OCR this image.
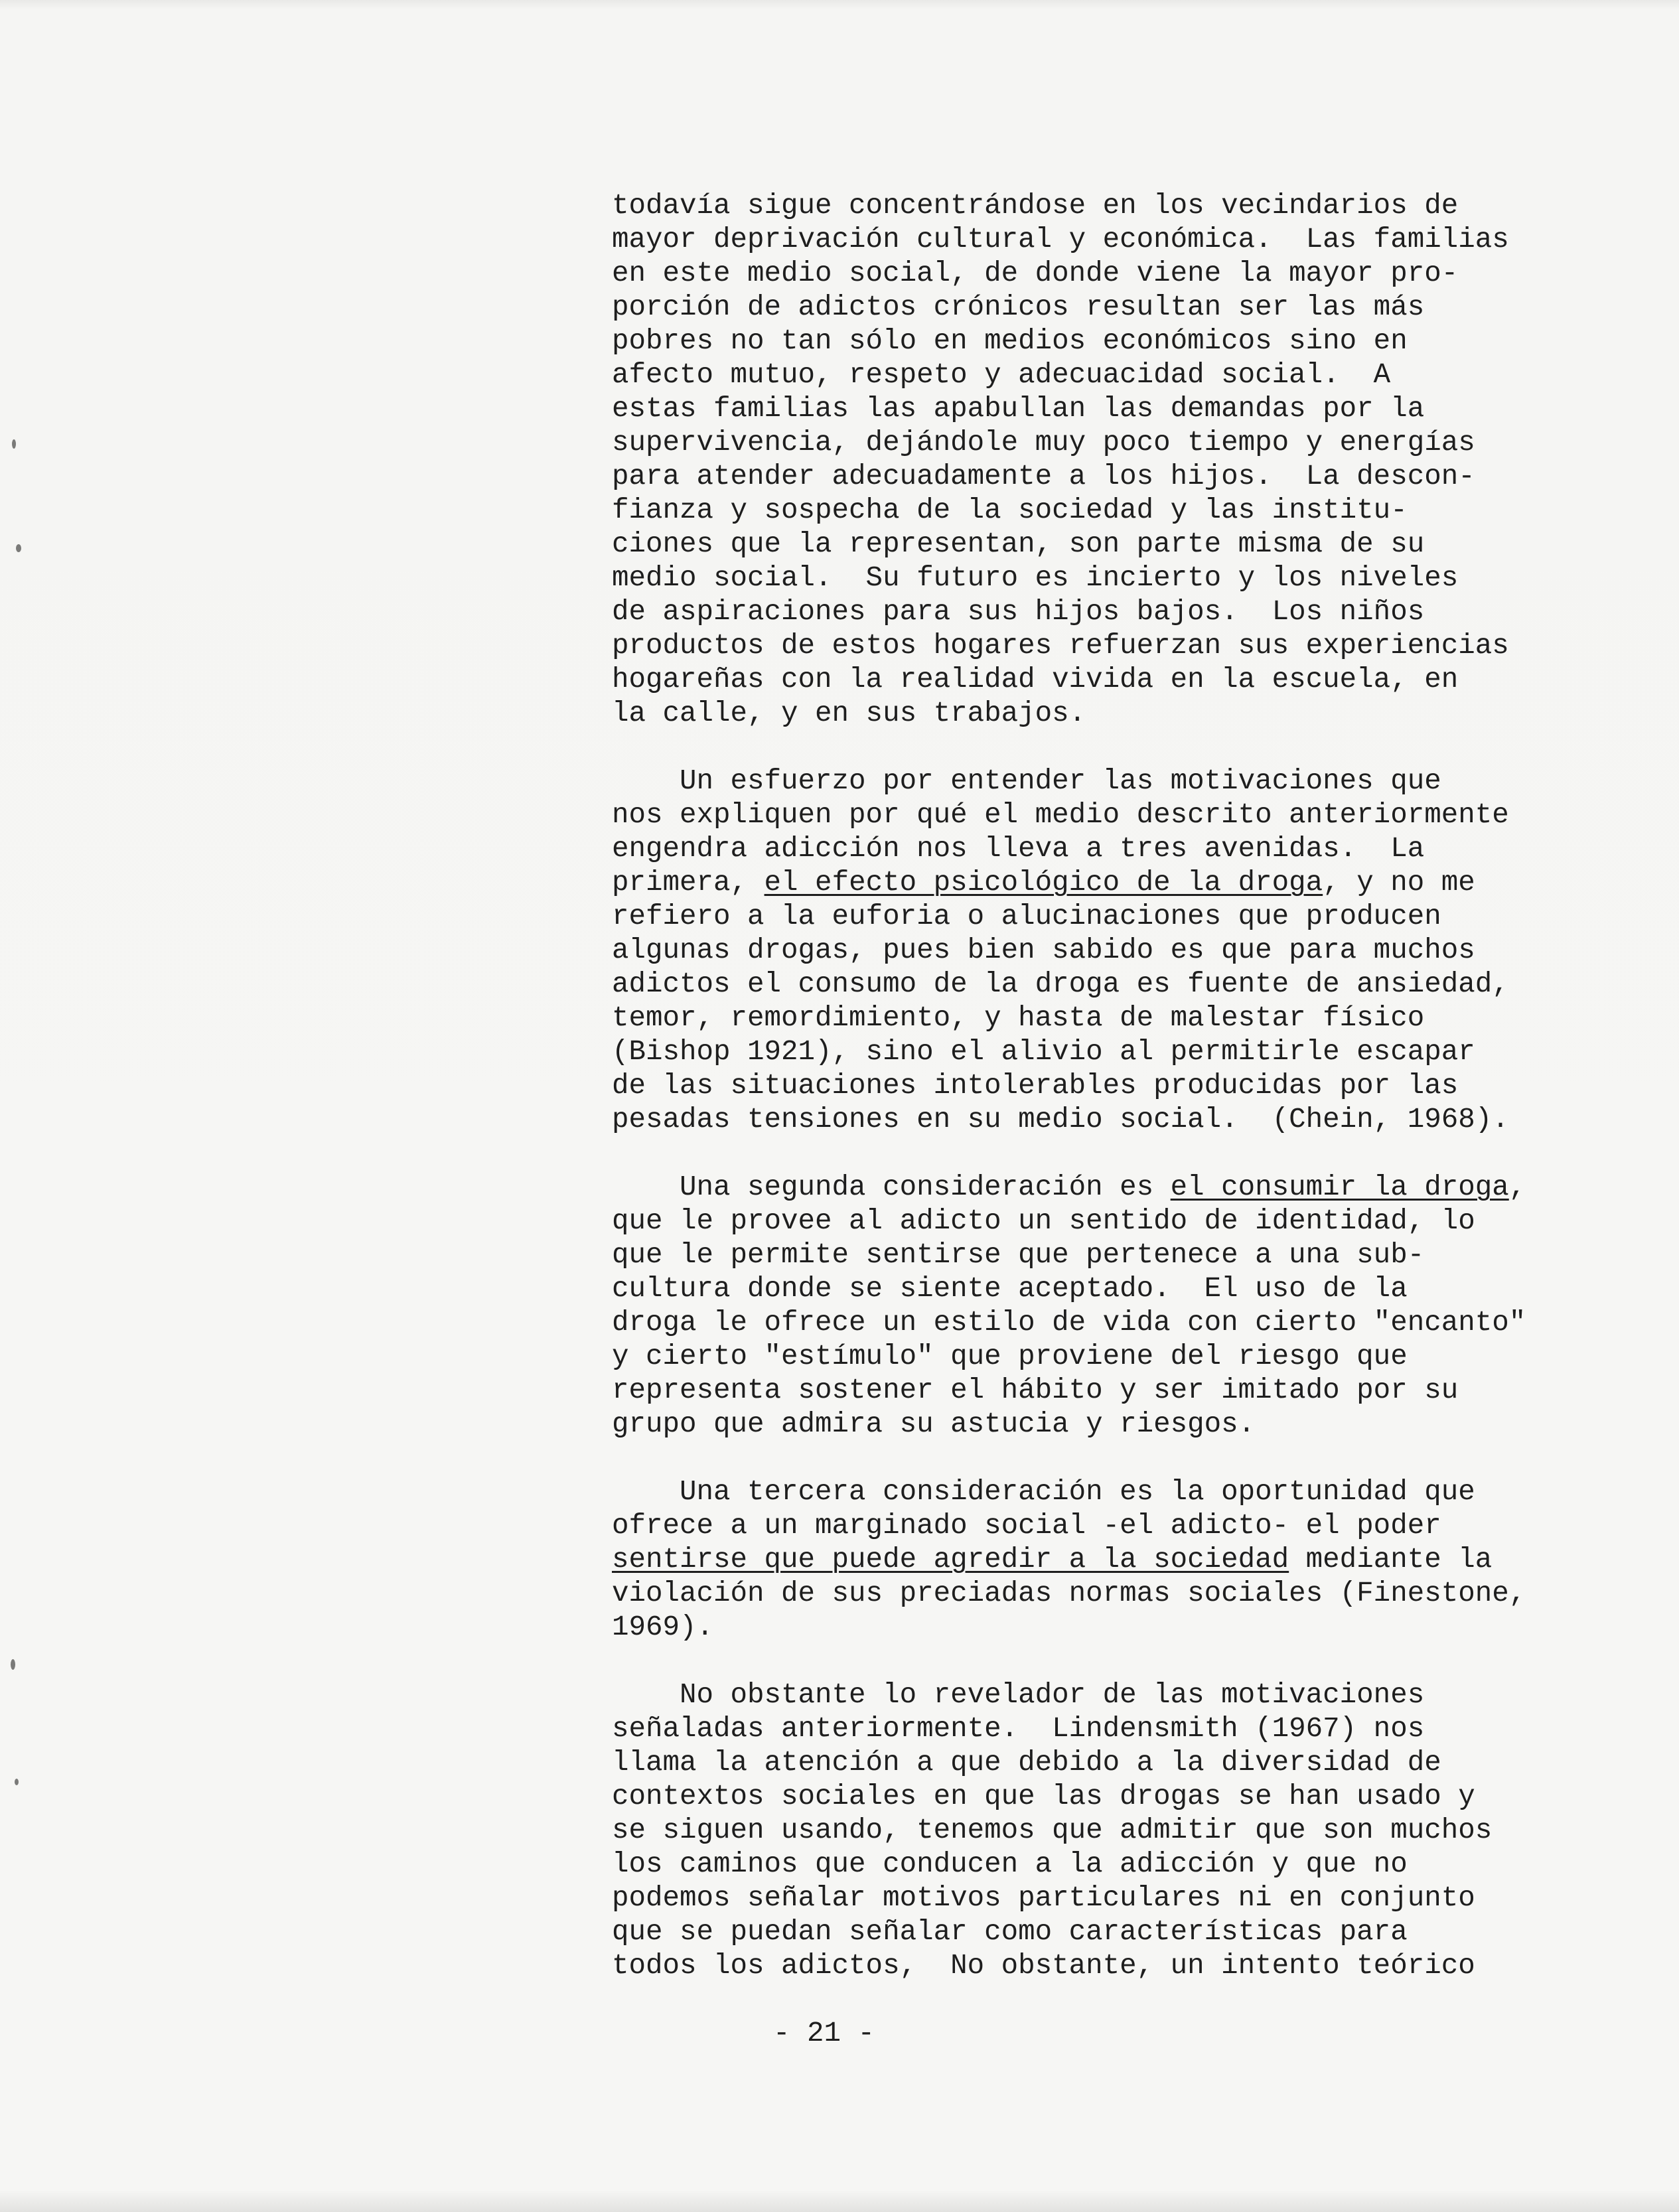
todavía sigue concentrándose en los vecindarios de
mayor deprivación cultural y económica.  Las familias
en este medio social, de donde viene la mayor pro-
porción de adictos crónicos resultan ser las más
pobres no tan sólo en medios económicos sino en
afecto mutuo, respeto y adecuacidad social.  A
estas familias las apabullan las demandas por la
supervivencia, dejándole muy poco tiempo y energías
para atender adecuadamente a los hijos.  La descon-
fianza y sospecha de la sociedad y las institu-
ciones que la representan, son parte misma de su
medio social.  Su futuro es incierto y los niveles
de aspiraciones para sus hijos bajos.  Los niños
productos de estos hogares refuerzan sus experiencias
hogareñas con la realidad vivida en la escuela, en
la calle, y en sus trabajos.
Un esfuerzo por entender las motivaciones que
nos expliquen por qué el medio descrito anteriormente
engendra adicción nos lleva a tres avenidas.  La
primera, el efecto psicológico de la droga, y no me
refiero a la euforia o alucinaciones que producen
algunas drogas, pues bien sabido es que para muchos
adictos el consumo de la droga es fuente de ansiedad,
temor, remordimiento, y hasta de malestar físico
(Bishop 1921), sino el alivio al permitirle escapar
de las situaciones intolerables producidas por las
pesadas tensiones en su medio social.  (Chein, 1968).
Una segunda consideración es el consumir la droga,
que le provee al adicto un sentido de identidad, lo
que le permite sentirse que pertenece a una sub-
cultura donde se siente aceptado.  El uso de la
droga le ofrece un estilo de vida con cierto "encanto"
y cierto "estímulo" que proviene del riesgo que
representa sostener el hábito y ser imitado por su
grupo que admira su astucia y riesgos.
Una tercera consideración es la oportunidad que
ofrece a un marginado social -el adicto- el poder
sentirse que puede agredir a la sociedad mediante la
violación de sus preciadas normas sociales (Finestone,
1969).
No obstante lo revelador de las motivaciones
señaladas anteriormente.  Lindensmith (1967) nos
llama la atención a que debido a la diversidad de
contextos sociales en que las drogas se han usado y
se siguen usando, tenemos que admitir que son muchos
los caminos que conducen a la adicción y que no
podemos señalar motivos particulares ni en conjunto
que se puedan señalar como características para
todos los adictos,  No obstante, un intento teórico
- 21 -
